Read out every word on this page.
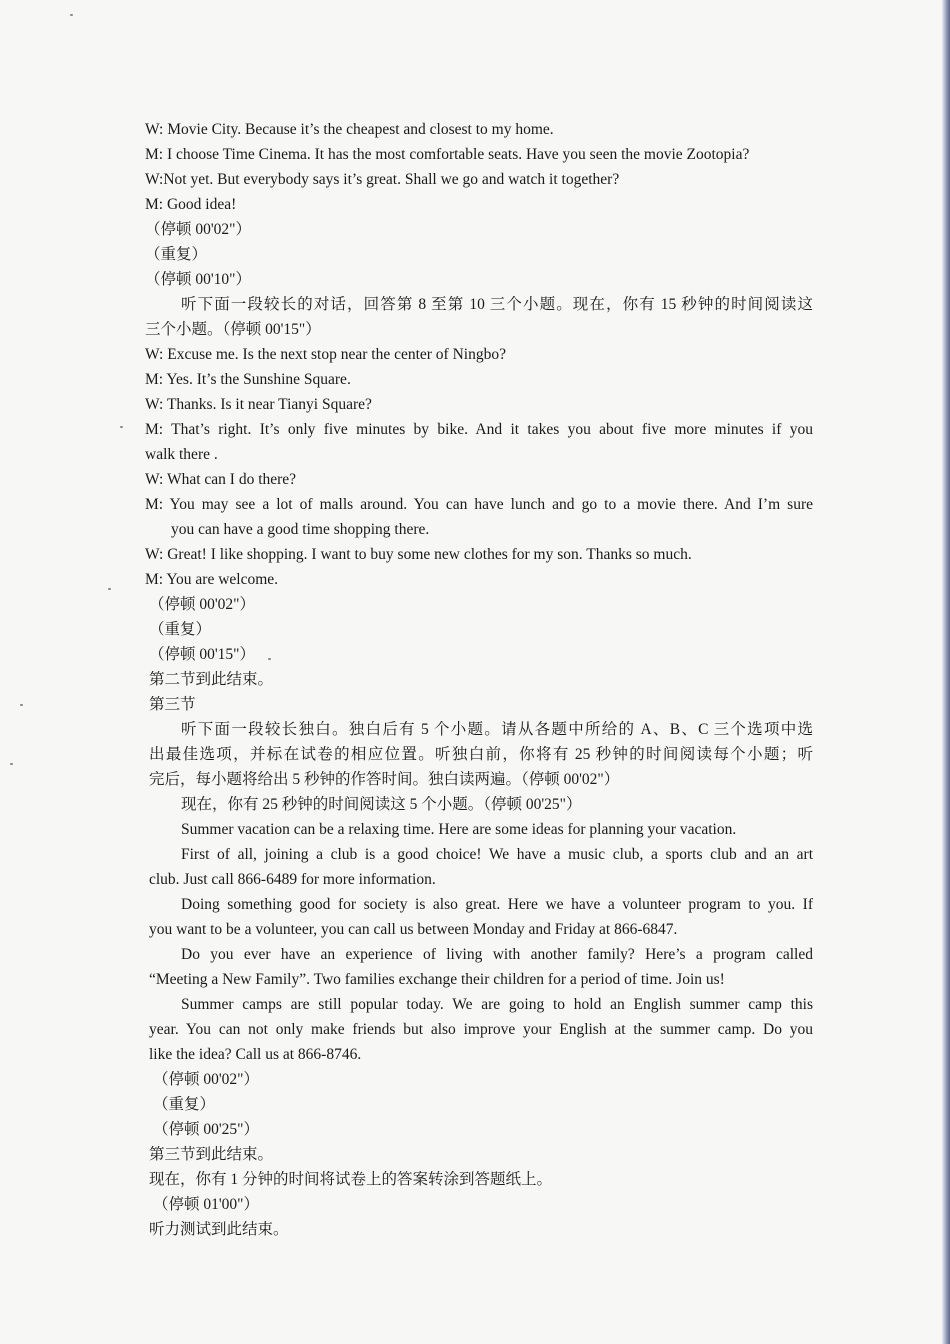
W: Movie City. Because it’s the cheapest and closest to my home.
M: I choose Time Cinema. It has the most comfortable seats. Have you seen the movie Zootopia?
W:Not yet. But everybody says it’s great. Shall we go and watch it together?
M: Good idea!
（停顿 00'02"）
（重复）
（停顿 00'10"）
听下面一段较长的对话，回答第 8 至第 10 三个小题。现在，你有 15 秒钟的时间阅读这
三个小题。（停顿 00'15"）
W: Excuse me. Is the next stop near the center of Ningbo?
M: Yes. It’s the Sunshine Square.
W: Thanks. Is it near Tianyi Square?
M: That’s right. It’s only five minutes by bike. And it takes you about five more minutes if you
walk there .
W: What can I do there?
M: You may see a lot of malls around. You can have lunch and go to a movie there. And I’m sure
you can have a good time shopping there.
W: Great! I like shopping. I want to buy some new clothes for my son. Thanks so much.
M: You are welcome.
（停顿 00'02"）
（重复）
（停顿 00'15"）
第二节到此结束。
第三节
听下面一段较长独白。独白后有 5 个小题。请从各题中所给的 A、B、C 三个选项中选
出最佳选项，并标在试卷的相应位置。听独白前，你将有 25 秒钟的时间阅读每个小题；听
完后，每小题将给出 5 秒钟的作答时间。独白读两遍。（停顿 00'02"）
现在，你有 25 秒钟的时间阅读这 5 个小题。（停顿 00'25"）
Summer vacation can be a relaxing time. Here are some ideas for planning your vacation.
First of all, joining a club is a good choice! We have a music club, a sports club and an art
club. Just call 866-6489 for more information.
Doing something good for society is also great. Here we have a volunteer program to you. If
you want to be a volunteer, you can call us between Monday and Friday at 866-6847.
Do you ever have an experience of living with another family? Here’s a program called
“Meeting a New Family”. Two families exchange their children for a period of time. Join us!
Summer camps are still popular today. We are going to hold an English summer camp this
year. You can not only make friends but also improve your English at the summer camp. Do you
like the idea? Call us at 866-8746.
（停顿 00'02"）
（重复）
（停顿 00'25"）
第三节到此结束。
现在，你有 1 分钟的时间将试卷上的答案转涂到答题纸上。
（停顿 01'00"）
听力测试到此结束。
